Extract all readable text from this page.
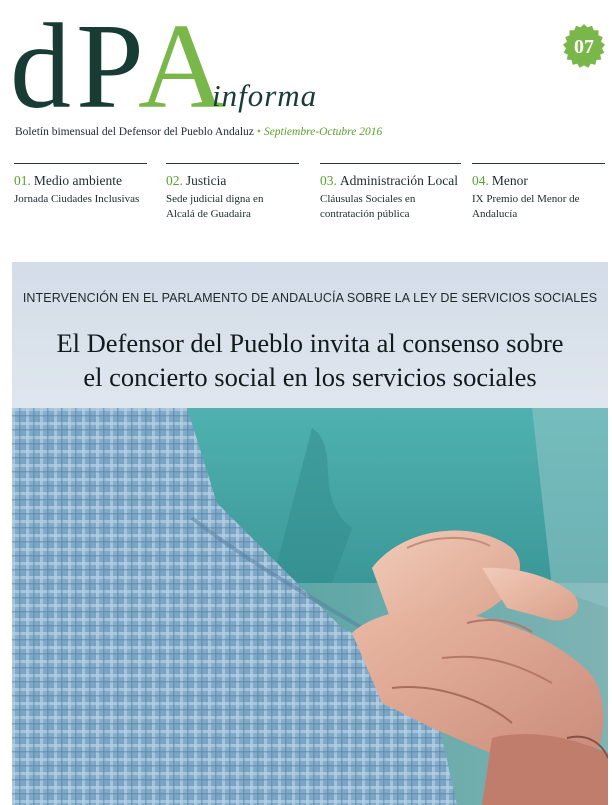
d P A
informa
07
Boletín bimensual del Defensor del Pueblo Andaluz • Septiembre-Octubre 2016
01. Medio ambiente
Jornada Ciudades Inclusivas
02. Justicia
Sede judicial digna en Alcalá de Guadaira
03. Administración Local
Cláusulas Sociales en contratación pública
04. Menor
IX Premio del Menor de Andalucía
INTERVENCIÓN EN EL PARLAMENTO DE ANDALUCÍA SOBRE LA LEY DE SERVICIOS SOCIALES
El Defensor del Pueblo invita al consenso sobre
el concierto social en los servicios sociales
